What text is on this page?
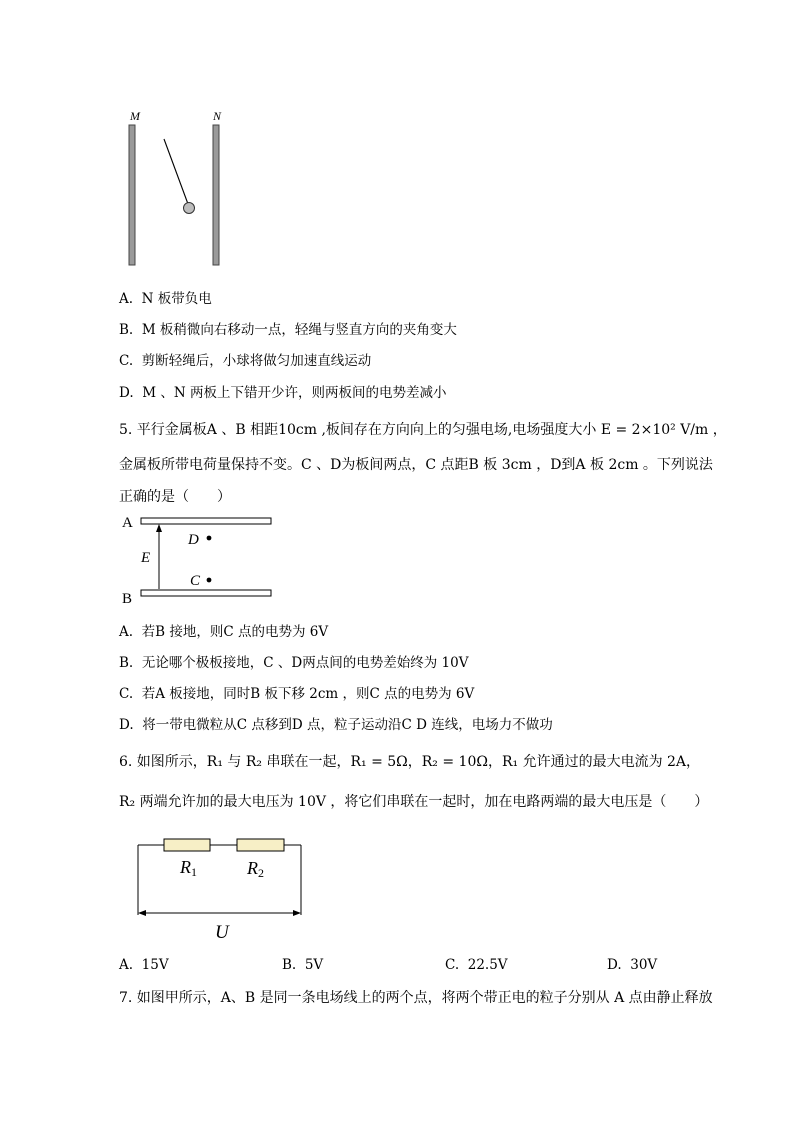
M	N
A. N 板带负电
B. M 板稍微向右移动一点，轻绳与竖直方向的夹角变大
C. 剪断轻绳后，小球将做匀加速直线运动
D. M 、N 两板上下错开少许，则两板间的电势差减小
5. 平行金属板A 、B 相距10cm ,板间存在方向向上的匀强电场,电场强度大小 E = 2×10² V/m ，
金属板所带电荷量保持不变。C 、D为板间两点，C 点距B 板 3cm ，D到A 板 2cm 。下列说法
正确的是（　　）
A
B
E
D
C
A. 若B 接地，则C 点的电势为 6V
B. 无论哪个极板接地，C 、D两点间的电势差始终为 10V
C. 若A 板接地，同时B 板下移 2cm ，则C 点的电势为 6V
D. 将一带电微粒从C 点移到D 点，粒子运动沿C D 连线，电场力不做功
6. 如图所示，R₁ 与 R₂ 串联在一起，R₁ = 5Ω，R₂ = 10Ω，R₁ 允许通过的最大电流为 2A，
R₂ 两端允许加的最大电压为 10V ，将它们串联在一起时，加在电路两端的最大电压是（　　）
R1	R2
U
A. 15V	B. 5V	C. 22.5V	D. 30V
7. 如图甲所示，A、B 是同一条电场线上的两个点，将两个带正电的粒子分别从 A 点由静止释放
